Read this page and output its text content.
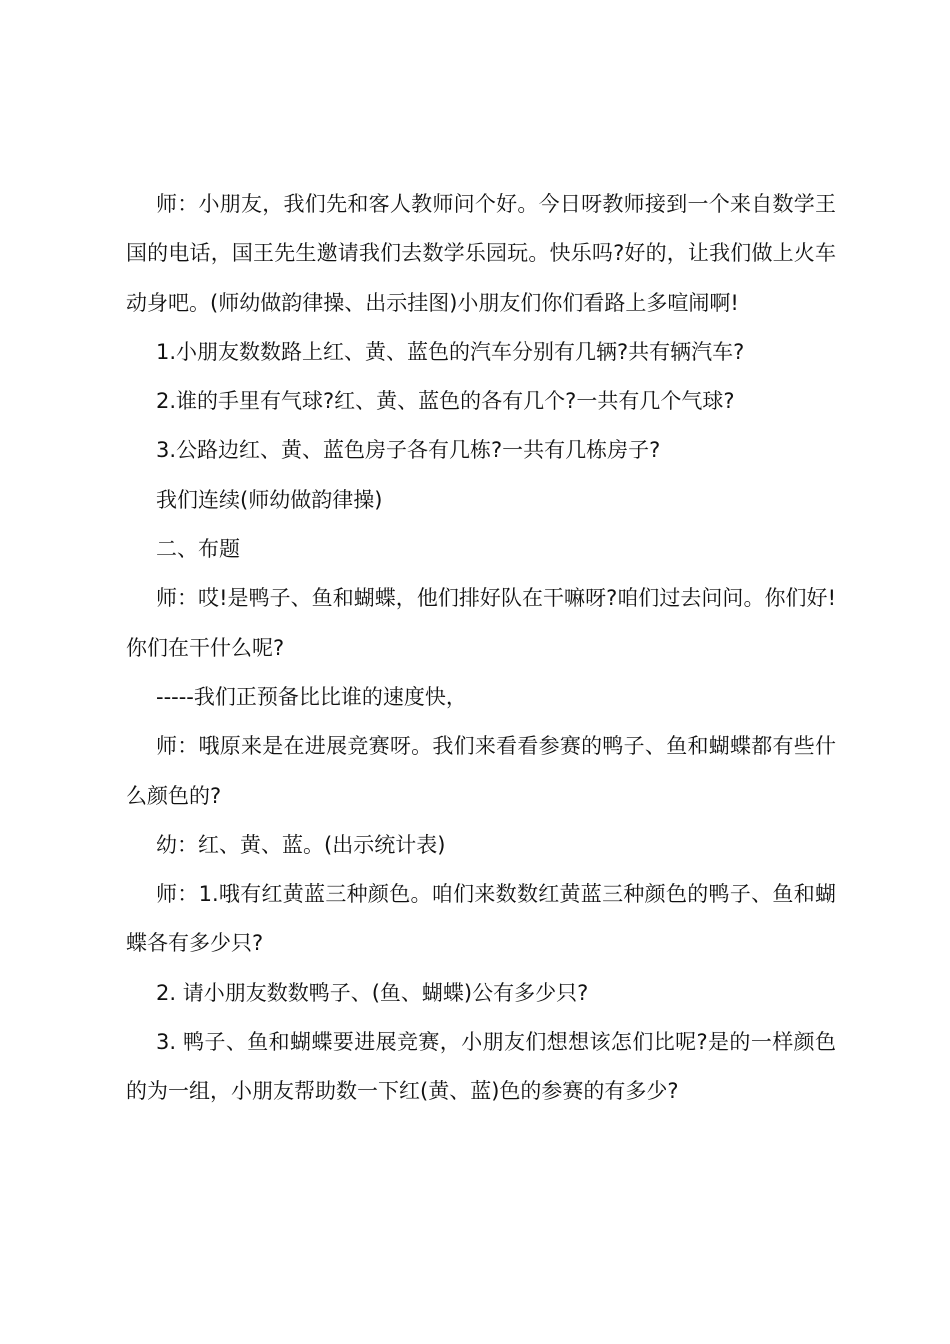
师：小朋友，我们先和客人教师问个好。今日呀教师接到一个来自数学王国的电话，国王先生邀请我们去数学乐园玩。快乐吗?好的，让我们做上火车动身吧。(师幼做韵律操、出示挂图)小朋友们你们看路上多喧闹啊!

1.小朋友数数路上红、黄、蓝色的汽车分别有几辆?共有辆汽车?

2.谁的手里有气球?红、黄、蓝色的各有几个?一共有几个气球?

3.公路边红、黄、蓝色房子各有几栋?一共有几栋房子?

我们连续(师幼做韵律操)

二、布题

师：哎!是鸭子、鱼和蝴蝶，他们排好队在干嘛呀?咱们过去问问。你们好!你们在干什么呢?

-----我们正预备比比谁的速度快，

师：哦原来是在进展竞赛呀。我们来看看参赛的鸭子、鱼和蝴蝶都有些什么颜色的?

幼：红、黄、蓝。(出示统计表)

师：1.哦有红黄蓝三种颜色。咱们来数数红黄蓝三种颜色的鸭子、鱼和蝴蝶各有多少只?

2. 请小朋友数数鸭子、(鱼、蝴蝶)公有多少只?

3. 鸭子、鱼和蝴蝶要进展竞赛，小朋友们想想该怎们比呢?是的一样颜色的为一组，小朋友帮助数一下红(黄、蓝)色的参赛的有多少?
